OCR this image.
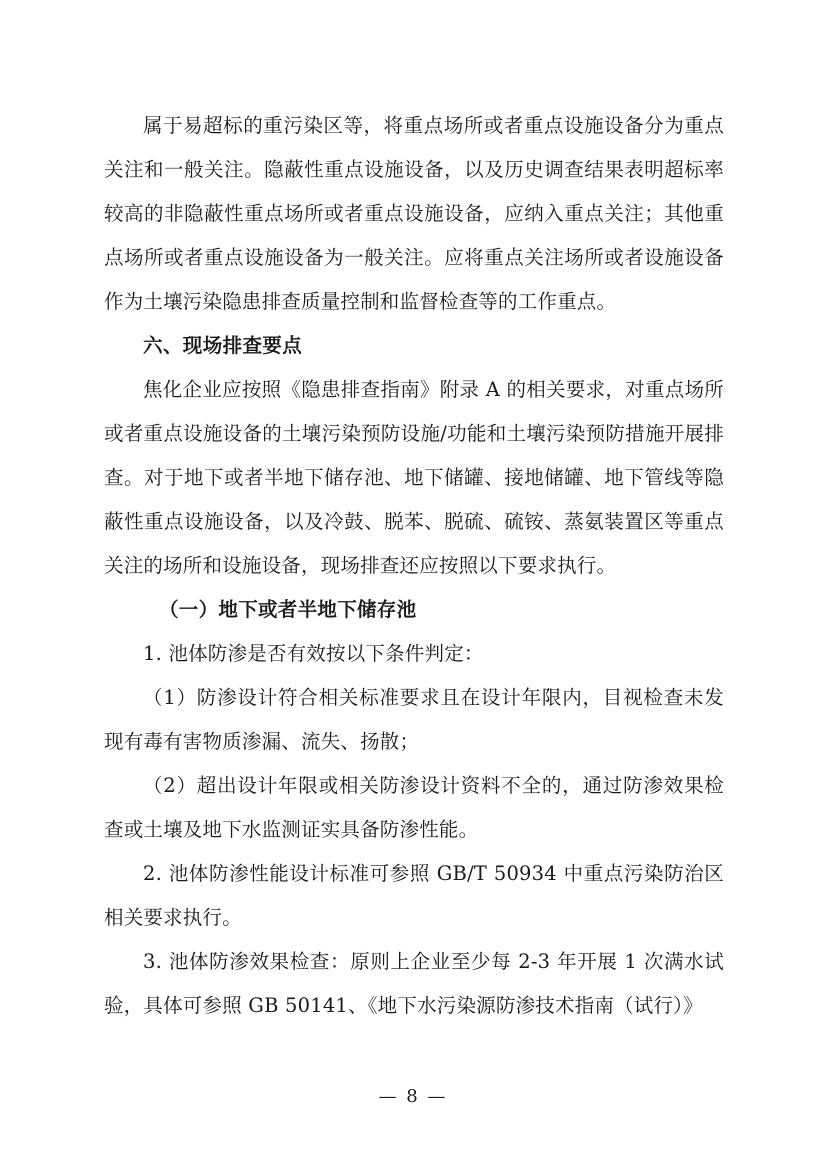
属于易超标的重污染区等，将重点场所或者重点设施设备分为重点关注和一般关注。隐蔽性重点设施设备，以及历史调查结果表明超标率较高的非隐蔽性重点场所或者重点设施设备，应纳入重点关注；其他重点场所或者重点设施设备为一般关注。应将重点关注场所或者设施设备作为土壤污染隐患排查质量控制和监督检查等的工作重点。

六、现场排查要点

焦化企业应按照《隐患排查指南》附录 A 的相关要求，对重点场所或者重点设施设备的土壤污染预防设施/功能和土壤污染预防措施开展排查。对于地下或者半地下储存池、地下储罐、接地储罐、地下管线等隐蔽性重点设施设备，以及冷鼓、脱苯、脱硫、硫铵、蒸氨装置区等重点关注的场所和设施设备，现场排查还应按照以下要求执行。

（一）地下或者半地下储存池

1. 池体防渗是否有效按以下条件判定：

（1）防渗设计符合相关标准要求且在设计年限内，目视检查未发现有毒有害物质渗漏、流失、扬散；

（2）超出设计年限或相关防渗设计资料不全的，通过防渗效果检查或土壤及地下水监测证实具备防渗性能。

2. 池体防渗性能设计标准可参照 GB/T 50934 中重点污染防治区相关要求执行。

3. 池体防渗效果检查：原则上企业至少每 2-3 年开展 1 次满水试验，具体可参照 GB 50141、《地下水污染源防渗技术指南（试行）》

— 8 —
